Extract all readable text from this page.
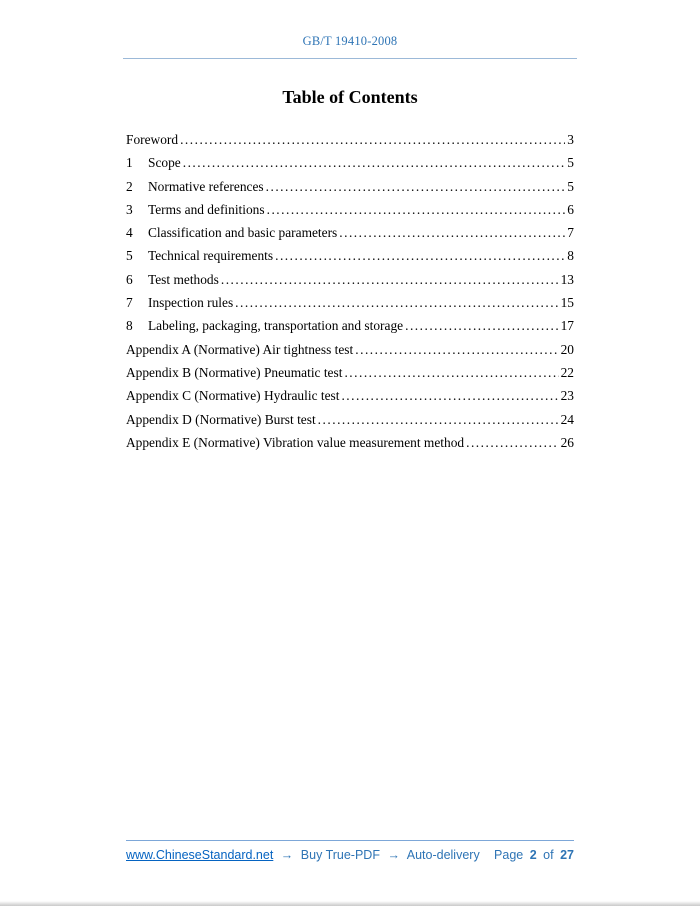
GB/T 19410-2008
Table of Contents
Foreword .....	3
1	Scope .....	5
2	Normative references .....	5
3	Terms and definitions .....	6
4	Classification and basic parameters .....	7
5	Technical requirements .....	8
6	Test methods .....	13
7	Inspection rules .....	15
8	Labeling, packaging, transportation and storage .....	17
Appendix A (Normative) Air tightness test .....	20
Appendix B (Normative) Pneumatic test .....	22
Appendix C (Normative) Hydraulic test .....	23
Appendix D (Normative) Burst test .....	24
Appendix E (Normative) Vibration value measurement method .....	26
www.ChineseStandard.net → Buy True-PDF → Auto-delivery	Page 2 of 27
